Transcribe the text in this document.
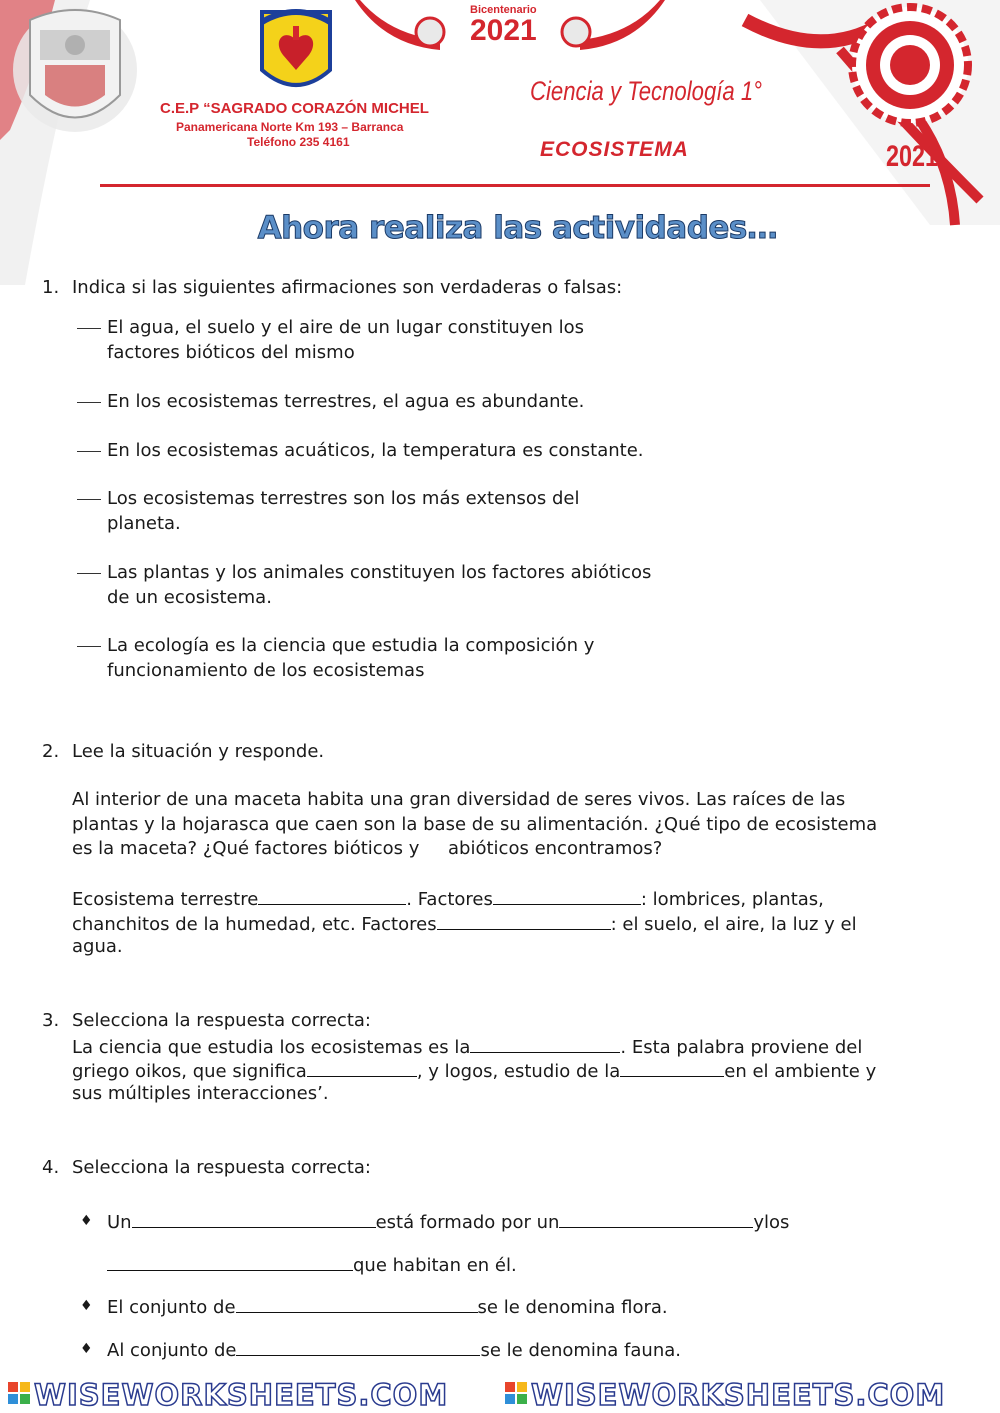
Bicentenario
2021
C.E.P “SAGRADO CORAZÓN MICHEL
Panamericana Norte Km 193 – Barranca
Teléfono 235 4161
Ciencia y Tecnología 1°
ECOSISTEMA	2021
Ahora realiza las actividades…
1. Indica si las siguientes afirmaciones son verdaderas o falsas:
El agua, el suelo y el aire de un lugar constituyen los
factores bióticos del mismo
En los ecosistemas terrestres, el agua es abundante.
En los ecosistemas acuáticos, la temperatura es constante.
Los ecosistemas terrestres son los más extensos del
planeta.
Las plantas y los animales constituyen los factores abióticos
de un ecosistema.
La ecología es la ciencia que estudia la composición y
funcionamiento de los ecosistemas
2. Lee la situación y responde.
Al interior de una maceta habita una gran diversidad de seres vivos. Las raíces de las
plantas y la hojarasca que caen son la base de su alimentación. ¿Qué tipo de ecosistema
es la maceta? ¿Qué factores bióticos y     abióticos encontramos?
Ecosistema terrestre	. Factores	: lombrices, plantas,
chanchitos de la humedad, etc. Factores	: el suelo, el aire, la luz y el
agua.
3. Selecciona la respuesta correcta:
La ciencia que estudia los ecosistemas es la	. Esta palabra proviene del
griego oikos, que significa	, y logos, estudio de la	en el ambiente y
sus múltiples interacciones’.
4. Selecciona la respuesta correcta:
♦ Un	está formado por un	ylos
que habitan en él.
♦ El conjunto de	se le denomina flora.
♦ Al conjunto de	se le denomina fauna.
WISEWORKSHEETS.COM	WISEWORKSHEETS.COM
